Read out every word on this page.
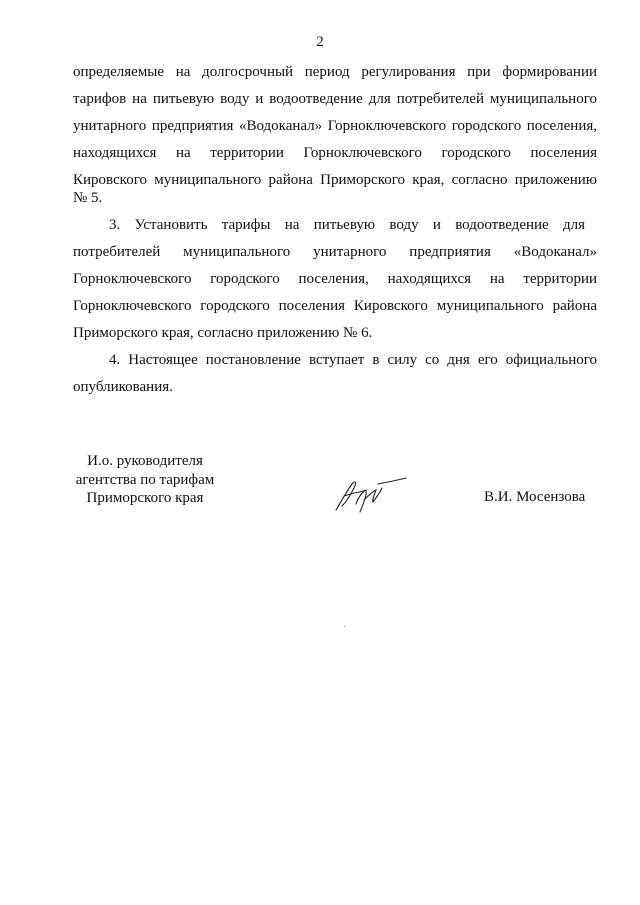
2
определяемые на долгосрочный период регулирования при формировании
тарифов на питьевую воду и водоотведение для потребителей муниципального
унитарного предприятия «Водоканал» Горноключевского городского поселения,
находящихся на территории Горноключевского городского поселения
Кировского муниципального района Приморского края, согласно приложению
№ 5.
3. Установить тарифы на питьевую воду и водоотведение для
потребителей муниципального унитарного предприятия «Водоканал»
Горноключевского городского поселения, находящихся на территории
Горноключевского городского поселения Кировского муниципального района
Приморского края, согласно приложению № 6.
4. Настоящее постановление вступает в силу со дня его официального
опубликования.
И.о. руководителя
агентства по тарифам
Приморского края	В.И. Мосензова
